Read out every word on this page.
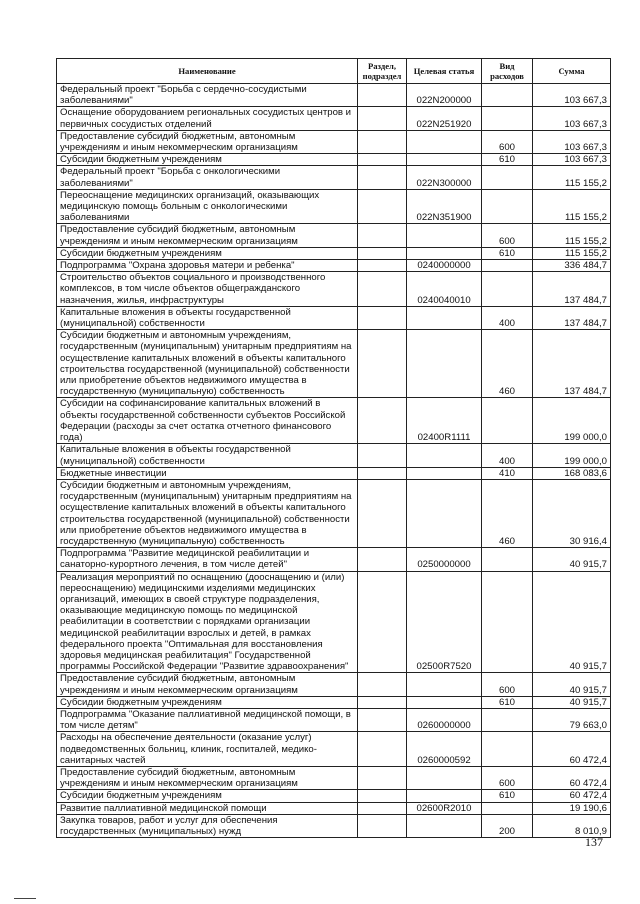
Наименование	Раздел, подраздел	Целевая статья	Вид расходов	Сумма
Федеральный проект "Борьба с сердечно-сосудистыми заболеваниями"		022N200000		103 667,3
Оснащение оборудованием региональных сосудистых центров и первичных сосудистых отделений		022N251920		103 667,3
Предоставление субсидий бюджетным, автономным учреждениям и иным некоммерческим организациям			600	103 667,3
Субсидии бюджетным учреждениям			610	103 667,3
Федеральный проект "Борьба с онкологическими заболеваниями"		022N300000		115 155,2
Переоснащение медицинских организаций, оказывающих медицинскую помощь больным с онкологическими заболеваниями		022N351900		115 155,2
Предоставление субсидий бюджетным, автономным учреждениям и иным некоммерческим организациям			600	115 155,2
Субсидии бюджетным учреждениям			610	115 155,2
Подпрограмма "Охрана здоровья матери и ребенка"		0240000000		336 484,7
Строительство объектов социального и производственного комплексов, в том числе объектов общегражданского назначения, жилья, инфраструктуры		0240040010		137 484,7
Капитальные вложения в объекты государственной (муниципальной) собственности			400	137 484,7
Субсидии бюджетным и автономным учреждениям, государственным (муниципальным) унитарным предприятиям на осуществление капитальных вложений в объекты капитального строительства государственной (муниципальной) собственности или приобретение объектов недвижимого имущества в государственную (муниципальную) собственность			460	137 484,7
Субсидии на софинансирование капитальных вложений в объекты государственной собственности субъектов Российской Федерации (расходы за счет остатка отчетного финансового года)		02400R1111		199 000,0
Капитальные вложения в объекты государственной (муниципальной) собственности			400	199 000,0
Бюджетные инвестиции			410	168 083,6
Субсидии бюджетным и автономным учреждениям, государственным (муниципальным) унитарным предприятиям на осуществление капитальных вложений в объекты капитального строительства государственной (муниципальной) собственности или приобретение объектов недвижимого имущества в государственную (муниципальную) собственность			460	30 916,4
Подпрограмма "Развитие медицинской реабилитации и санаторно-курортного лечения, в том числе детей"		0250000000		40 915,7
Реализация мероприятий по оснащению (дооснащению и (или) переоснащению) медицинскими изделиями медицинских организаций, имеющих в своей структуре подразделения, оказывающие медицинскую помощь по медицинской реабилитации в соответствии с порядками организации медицинской реабилитации взрослых и детей, в рамках федерального проекта "Оптимальная для восстановления здоровья медицинская реабилитация" Государственной программы Российской Федерации "Развитие здравоохранения"		02500R7520		40 915,7
Предоставление субсидий бюджетным, автономным учреждениям и иным некоммерческим организациям			600	40 915,7
Субсидии бюджетным учреждениям			610	40 915,7
Подпрограмма "Оказание паллиативной медицинской помощи, в том числе детям"		0260000000		79 663,0
Расходы на обеспечение деятельности (оказание услуг) подведомственных больниц, клиник, госпиталей, медико-санитарных частей		0260000592		60 472,4
Предоставление субсидий бюджетным, автономным учреждениям и иным некоммерческим организациям			600	60 472,4
Субсидии бюджетным учреждениям			610	60 472,4
Развитие паллиативной медицинской помощи		02600R2010		19 190,6
Закупка товаров, работ и услуг для обеспечения государственных (муниципальных) нужд			200	8 010,9
137
